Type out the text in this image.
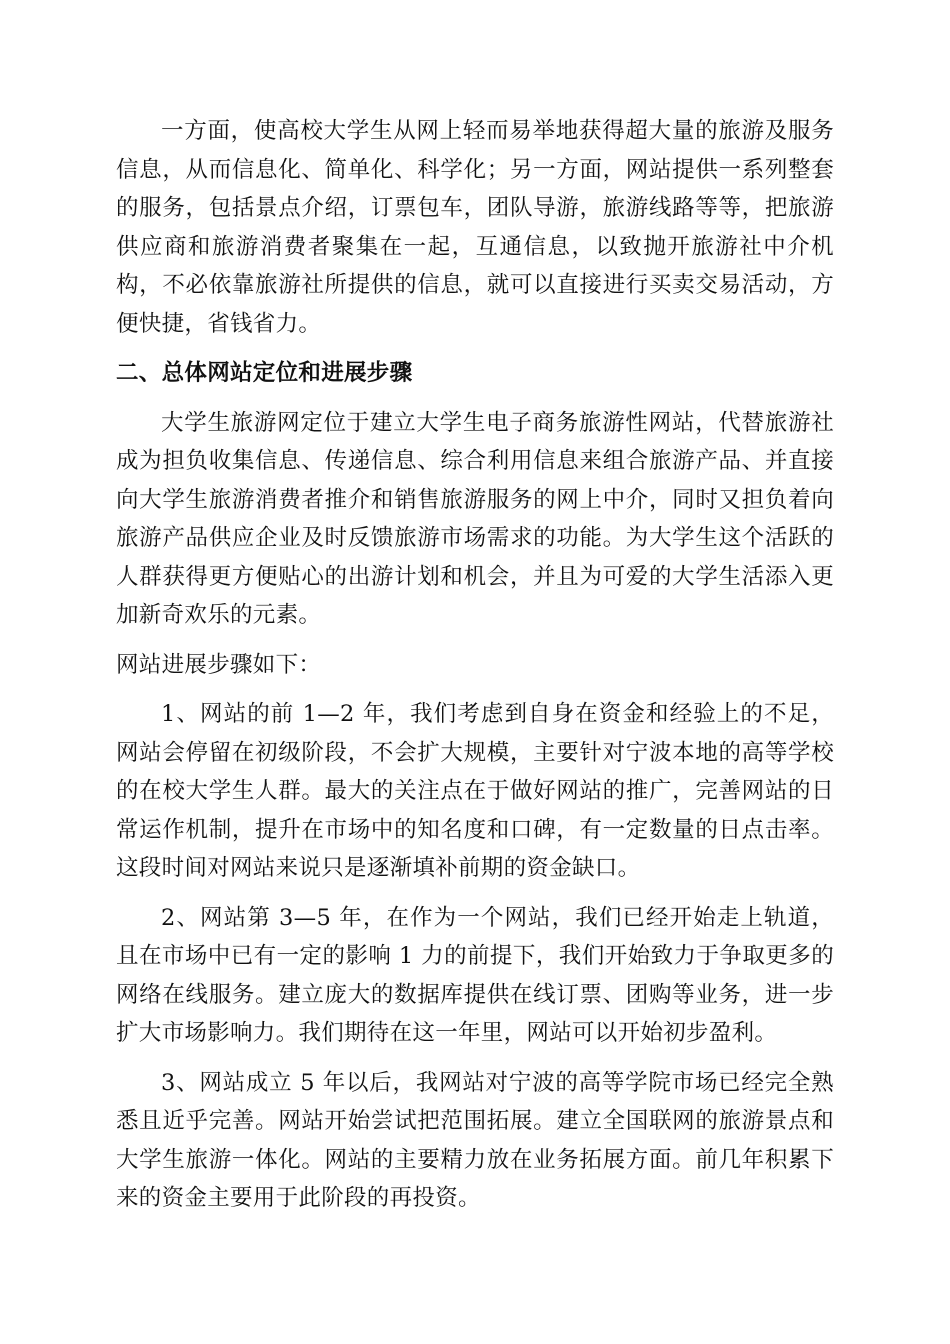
一方面，使高校大学生从网上轻而易举地获得超大量的旅游及服务信息，从而信息化、简单化、科学化；另一方面，网站提供一系列整套的服务，包括景点介绍，订票包车，团队导游，旅游线路等等，把旅游供应商和旅游消费者聚集在一起，互通信息，以致抛开旅游社中介机构，不必依靠旅游社所提供的信息，就可以直接进行买卖交易活动，方便快捷，省钱省力。

二、总体网站定位和进展步骤

大学生旅游网定位于建立大学生电子商务旅游性网站，代替旅游社成为担负收集信息、传递信息、综合利用信息来组合旅游产品、并直接向大学生旅游消费者推介和销售旅游服务的网上中介，同时又担负着向旅游产品供应企业及时反馈旅游市场需求的功能。为大学生这个活跃的人群获得更方便贴心的出游计划和机会，并且为可爱的大学生活添入更加新奇欢乐的元素。

网站进展步骤如下：

1、网站的前 1—2 年，我们考虑到自身在资金和经验上的不足，网站会停留在初级阶段，不会扩大规模，主要针对宁波本地的高等学校的在校大学生人群。最大的关注点在于做好网站的推广，完善网站的日常运作机制，提升在市场中的知名度和口碑，有一定数量的日点击率。这段时间对网站来说只是逐渐填补前期的资金缺口。

2、网站第 3—5 年，在作为一个网站，我们已经开始走上轨道，且在市场中已有一定的影响 1 力的前提下，我们开始致力于争取更多的网络在线服务。建立庞大的数据库提供在线订票、团购等业务，进一步扩大市场影响力。我们期待在这一年里，网站可以开始初步盈利。

3、网站成立 5 年以后，我网站对宁波的高等学院市场已经完全熟悉且近乎完善。网站开始尝试把范围拓展。建立全国联网的旅游景点和大学生旅游一体化。网站的主要精力放在业务拓展方面。前几年积累下来的资金主要用于此阶段的再投资。
